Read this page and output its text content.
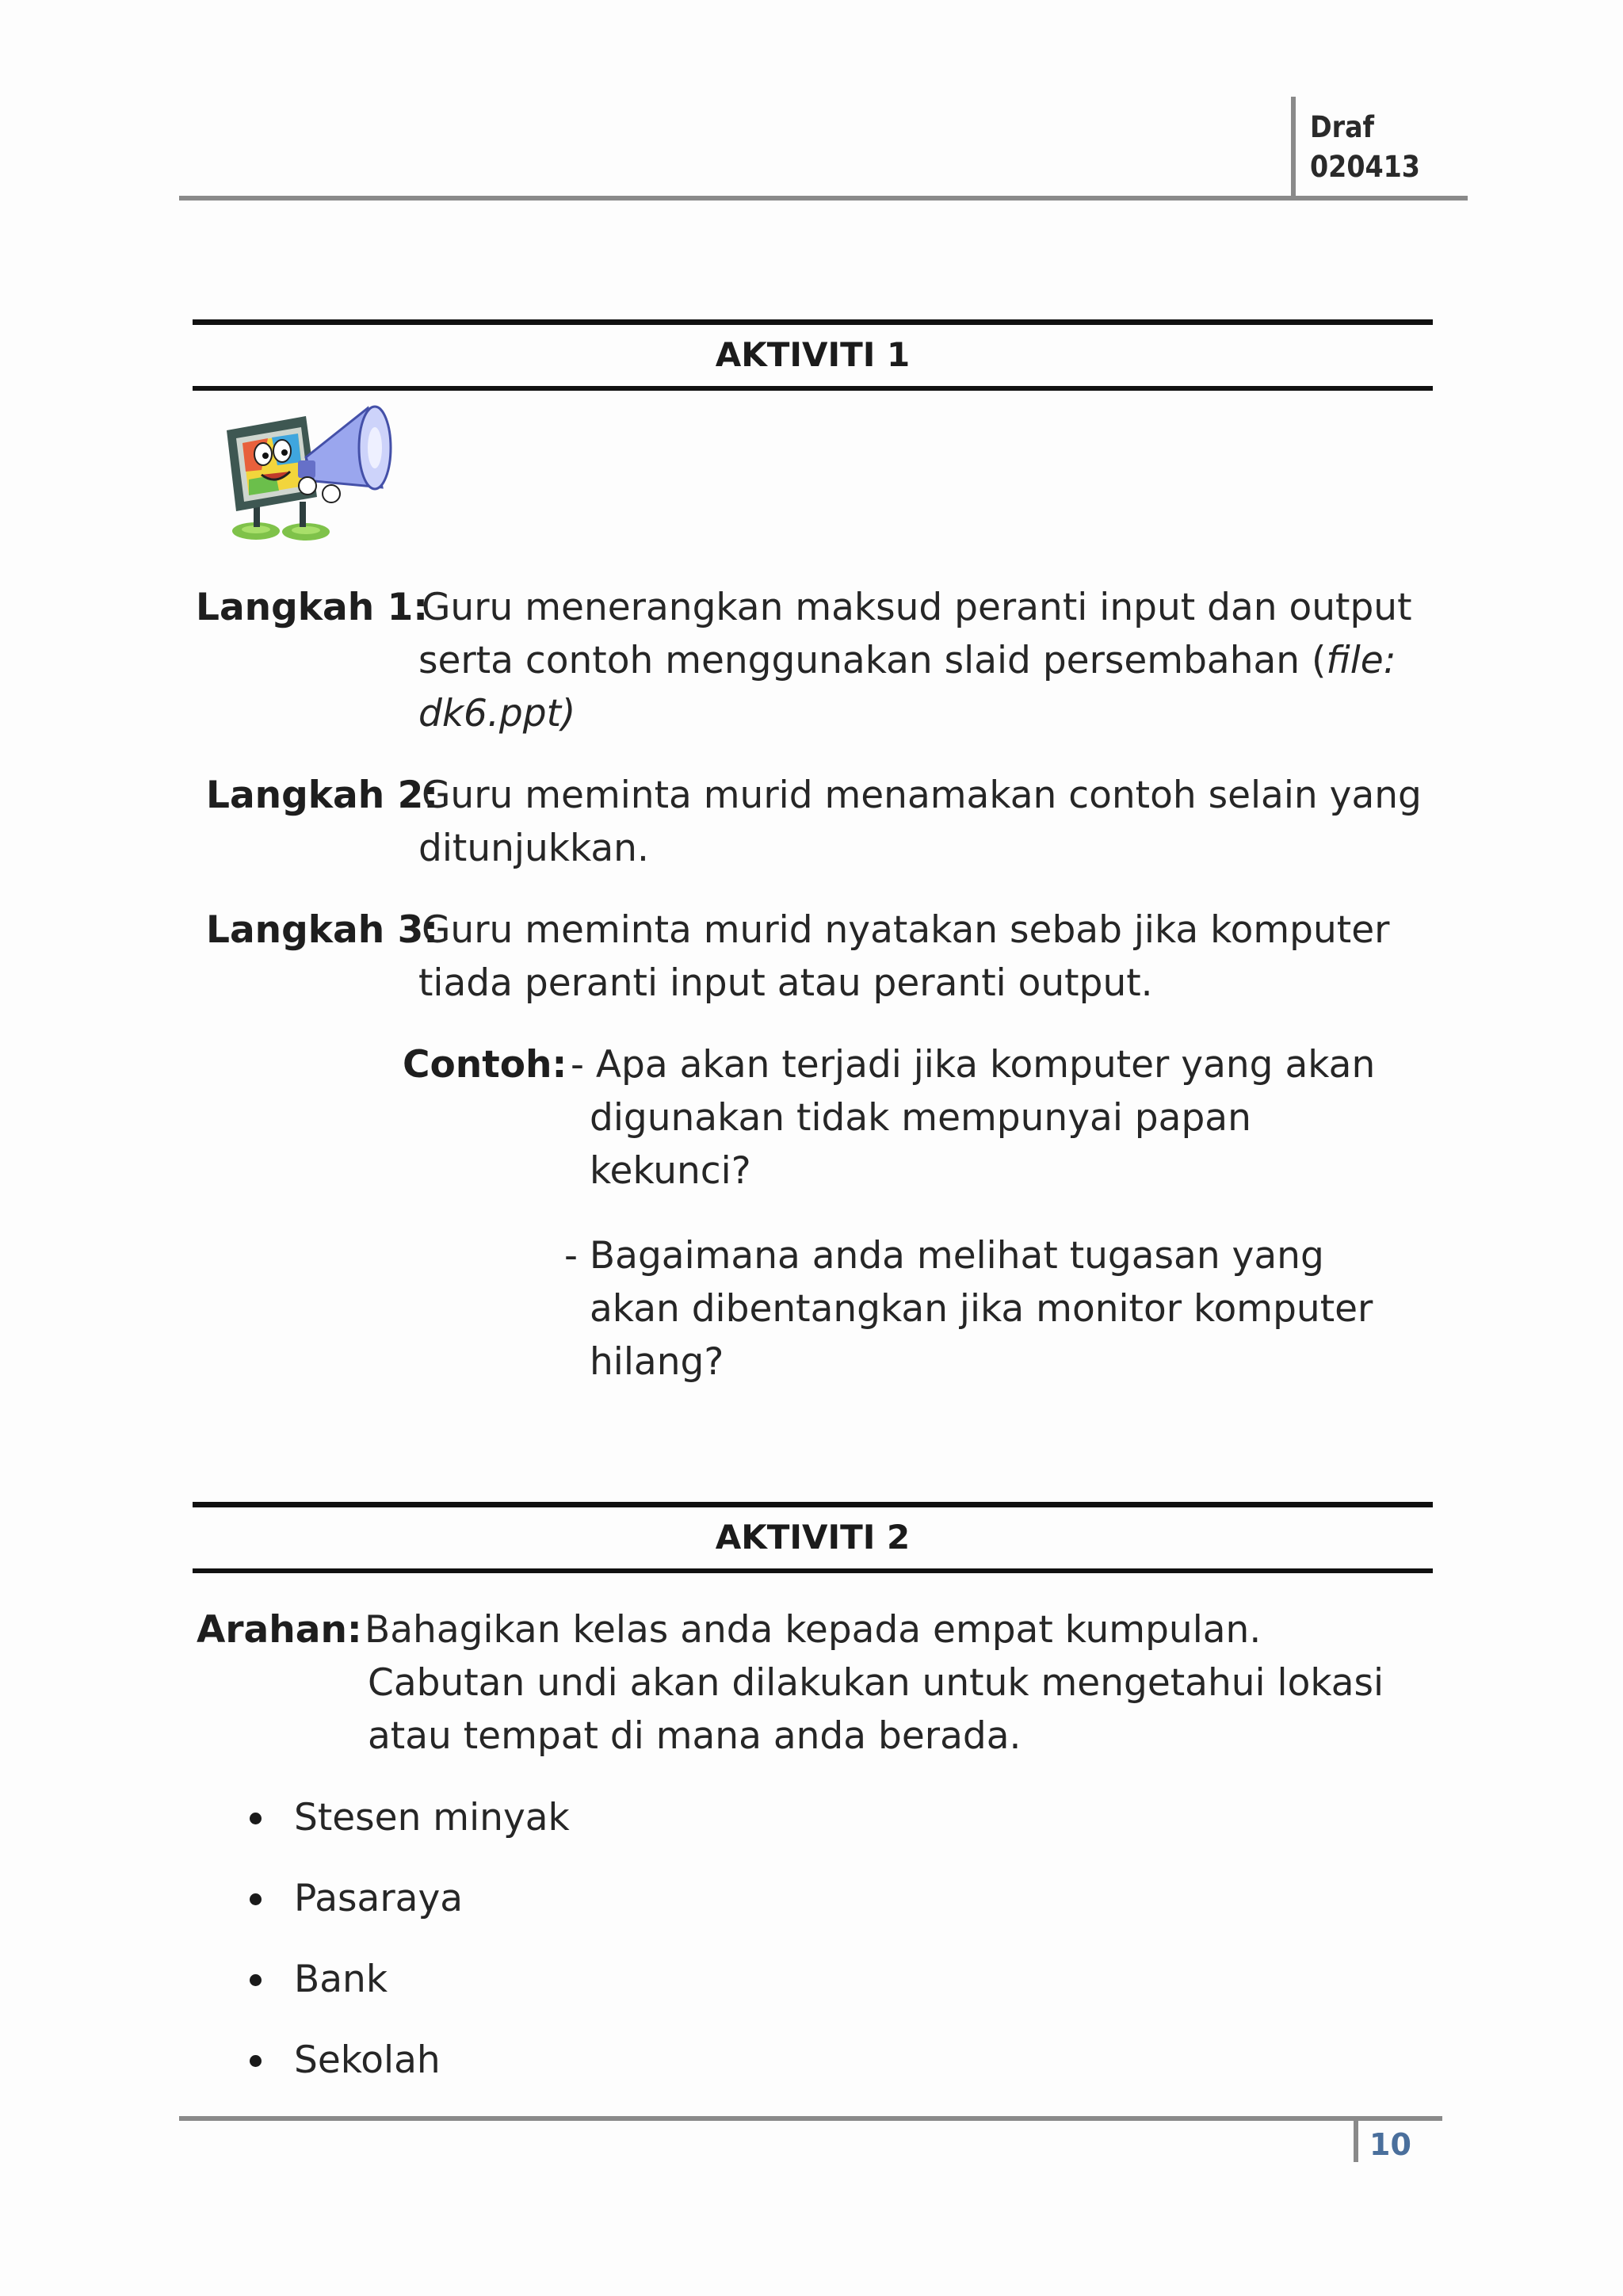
Draf
020413
AKTIVITI 1
Langkah 1:
Guru menerangkan maksud peranti input dan output
serta contoh menggunakan slaid persembahan (file:
dk6.ppt)
Langkah 2:
Guru meminta murid menamakan contoh selain yang
ditunjukkan.
Langkah 3:
Guru meminta murid nyatakan sebab jika komputer
tiada peranti input atau peranti output.
Contoh: - Apa akan terjadi jika komputer yang akan
digunakan tidak mempunyai papan
kekunci?
- Bagaimana anda melihat tugasan yang
akan dibentangkan jika monitor komputer
hilang?
AKTIVITI 2
Arahan: Bahagikan kelas anda kepada empat kumpulan.
Cabutan undi akan dilakukan untuk mengetahui lokasi
atau tempat di mana anda berada.
Stesen minyak
Pasaraya
Bank
Sekolah
10
